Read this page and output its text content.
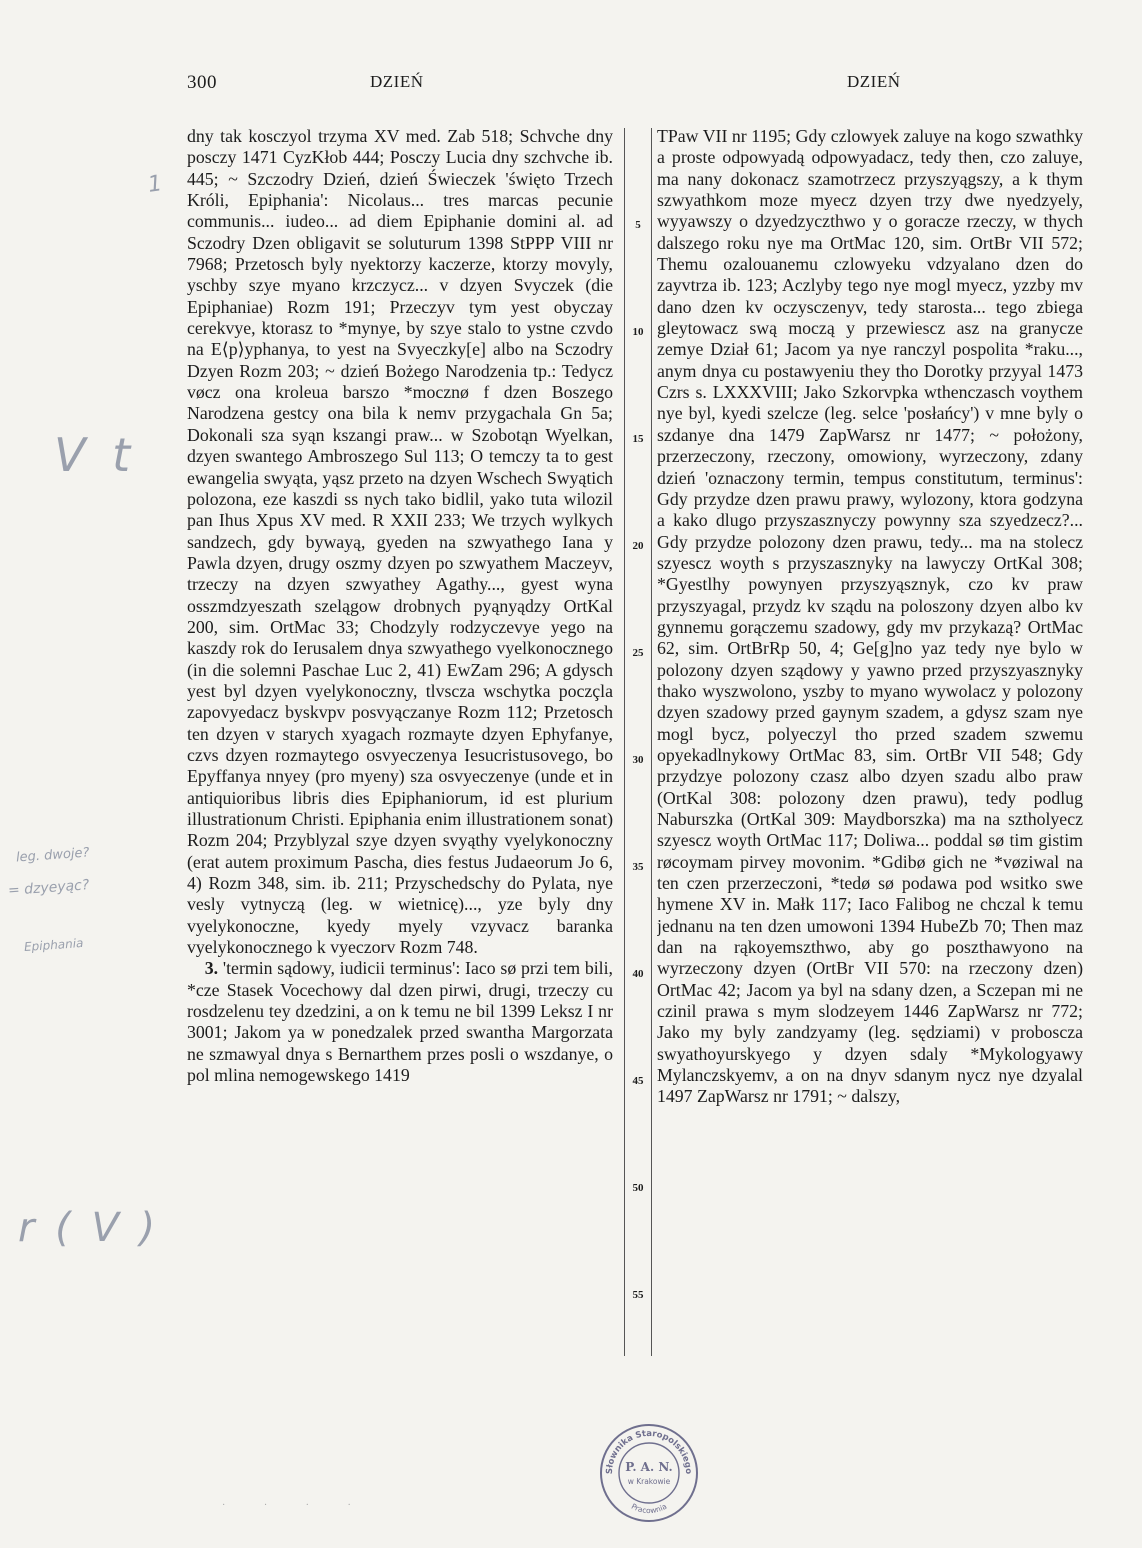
300	DZIEŃ	DZIEŃ
dny tak kosczyol trzyma XV med. Zab 518; Schvche dny posczy 1471 CyzKłob 444; Posczy Lucia dny szchvche ib. 445; ~ Szczodry Dzień, dzień Świeczek 'święto Trzech Króli, Epiphania': Nicolaus... tres marcas pecunie communis... iudeo... ad diem Epiphanie domini al. ad Sczodry Dzen obligavit se soluturum 1398 StPPP VIII nr 7968; Przetosch byly nyektorzy kaczerze, ktorzy movyly, yschby szye myano krzczycz... v dzyen Svyczek (die Epiphaniae) Rozm 191; Przeczyv tym yest obyczay cerekvye, ktorasz to *mynye, by szye stalo to ystne czvdo na E⟨p⟩yphanya, to yest na Svyeczky[e] albo na Sczodry Dzyen Rozm 203; ~ dzień Bożego Narodzenia tp.: Tedycz vøcz ona kroleua barszo *mocznø f dzen Boszego Narodzena gestcy ona bila k nemv przygachala Gn 5a; Dokonali sza syąn kszangi praw... w Szobotąn Wyelkan, dzyen swantego Ambroszego Sul 113; O temczy ta to gest ewangelia swyąta, yąsz przeto na dzyen Wschech Swyątich polozona, eze kaszdi ss nych tako bidlil, yako tuta wilozil pan Ihus Xpus XV med. R XXII 233; We trzych wylkych sandzech, gdy bywayą, gyeden na szwyathego Iana y Pawla dzyen, drugy oszmy dzyen po szwyathem Maczeyv, trzeczy na dzyen szwyathey Agathy..., gyest wyna osszmdzyeszath szelągow drobnych pyąnyądzy OrtKal 200, sim. OrtMac 33; Chodzyly rodzyczevye yego na kaszdy rok do Ierusalem dnya szwyathego vyelkonocznego (in die solemni Paschae Luc 2, 41) EwZam 296; A gdysch yest byl dzyen vyelykonoczny, tlvscza wschytka poczçla zapovyedacz byskvpv posvyączanye Rozm 112; Przetosch ten dzyen v starych xyagach rozmayte dzyen Ephyfanye, czvs dzyen rozmaytego osvyeczenya Iesucristusovego, bo Epyffanya nnyey (pro myeny) sza osvyeczenye (unde et in antiquioribus libris dies Epiphaniorum, id est plurium illustrationum Christi. Epiphania enim illustrationem sonat) Rozm 204; Przyblyzal szye dzyen svyąthy vyelykonoczny (erat autem proximum Pascha, dies festus Judaeorum Jo 6, 4) Rozm 348, sim. ib. 211; Przyschedschy do Pylata, nye vesly vytnyczą (leg. w wietnicę)..., yze byly dny vyelykonoczne, kyedy myely vzyvacz baranka vyelykonocznego k vyeczorv Rozm 748.
 3. 'termin sądowy, iudicii terminus': Iaco sø przi tem bili, *cze Stasek Vocechowy dal dzen pirwi, drugi, trzeczy cu rosdzelenu tey dzedzini, a on k temu ne bil 1399 Leksz I nr 3001; Jakom ya w ponedzalek przed swantha Margorzata ne szmawyal dnya s Bernarthem przes posli o wszdanye, o pol mlina nemogewskego 1419
5
10
15
20
25
30
35
40
45
50
55
TPaw VII nr 1195; Gdy czlowyek zaluye na kogo szwathky a proste odpowyadą odpowyadacz, tedy then, czo zaluye, ma nany dokonacz szamotrzecz przyszyągszy, a k thym szwyathkom moze myecz dzyen trzy dwe nyedzyely, wyyawszy o dzyedzyczthwo y o goracze rzeczy, w thych dalszego roku nye ma OrtMac 120, sim. OrtBr VII 572; Themu ozalouanemu czlowyeku vdzyalano dzen do zayvtrza ib. 123; Aczlyby tego nye mogl myecz, yzzby mv dano dzen kv oczysczenyv, tedy starosta... tego zbiega gleytowacz swą moczą y przewiescz asz na granycze zemye Dział 61; Jacom ya nye ranczyl pospolita *raku..., anym dnya cu postawyeniu they tho Dorotky przyyal 1473 Czrs s. LXXXVIII; Jako Szkorvpka wthenczasch voythem nye byl, kyedi szelcze (leg. selce 'posłańcy') v mne byly o szdanye dna 1479 ZapWarsz nr 1477; ~ położony, przerzeczony, rzeczony, omowiony, wyrzeczony, zdany dzień 'oznaczony termin, tempus constitutum, terminus': Gdy przydze dzen prawu prawy, wylozony, ktora godzyna a kako dlugo przyszasznyczy powynny sza szyedzecz?... Gdy przydze polozony dzen prawu, tedy... ma na stolecz szyescz woyth s przyszasznyky na lawyczy OrtKal 308; *Gyestlhy powynyen przyszyąsznyk, czo kv praw przyszyagal, przydz kv sządu na poloszony dzyen albo kv gynnemu gorączemu szadowy, gdy mv przykazą? OrtMac 62, sim. OrtBrRp 50, 4; Ge[g]no yaz tedy nye bylo w polozony dzyen sządowy y yawno przed przyszyasznyky thako wyszwolono, yszby to myano wywolacz y polozony dzyen szadowy przed gaynym szadem, a gdysz szam nye mogl bycz, polyeczyl tho przed szadem szwemu opyekadlnykowy OrtMac 83, sim. OrtBr VII 548; Gdy przydzye polozony czasz albo dzyen szadu albo praw (OrtKal 308: polozony dzen prawu), tedy podlug Naburszka (OrtKal 309: Maydborszka) ma na sztholyecz szyescz woyth OrtMac 117; Doliwa... poddal sø tim gistim røcoymam pirvey movonim. *Gdibø gich ne *vøziwal na ten czen przerzeczoni, *tedø sø podawa pod wsitko swe hymene XV in. Małk 117; Iaco Falibog ne chczal k temu jednanu na ten dzen umowoni 1394 HubeZb 70; Then maz dan na rąkoyemszthwo, aby go poszthawyono na wyrzeczony dzyen (OrtBr VII 570: na rzeczony dzen) OrtMac 42; Jacom ya byl na sdany dzen, a Sczepan mi ne czinil prawa s mym slodzeyem 1446 ZapWarsz nr 772; Jako my byly zandzyamy (leg. sędziami) v proboscza swyathoyurskyego y dzyen sdaly *Mykologyawy Mylanczskyemv, a on na dnyv sdanym nycz nye dzyalal 1497 ZapWarsz nr 1791; ~ dalszy,
1
V t
leg. dwoje?
= dzyeyąc?
Epiphania
r ( V )
Słownika Staropolskiego
Pracownia
P. A. N.
w Krakowie
· · · ·
